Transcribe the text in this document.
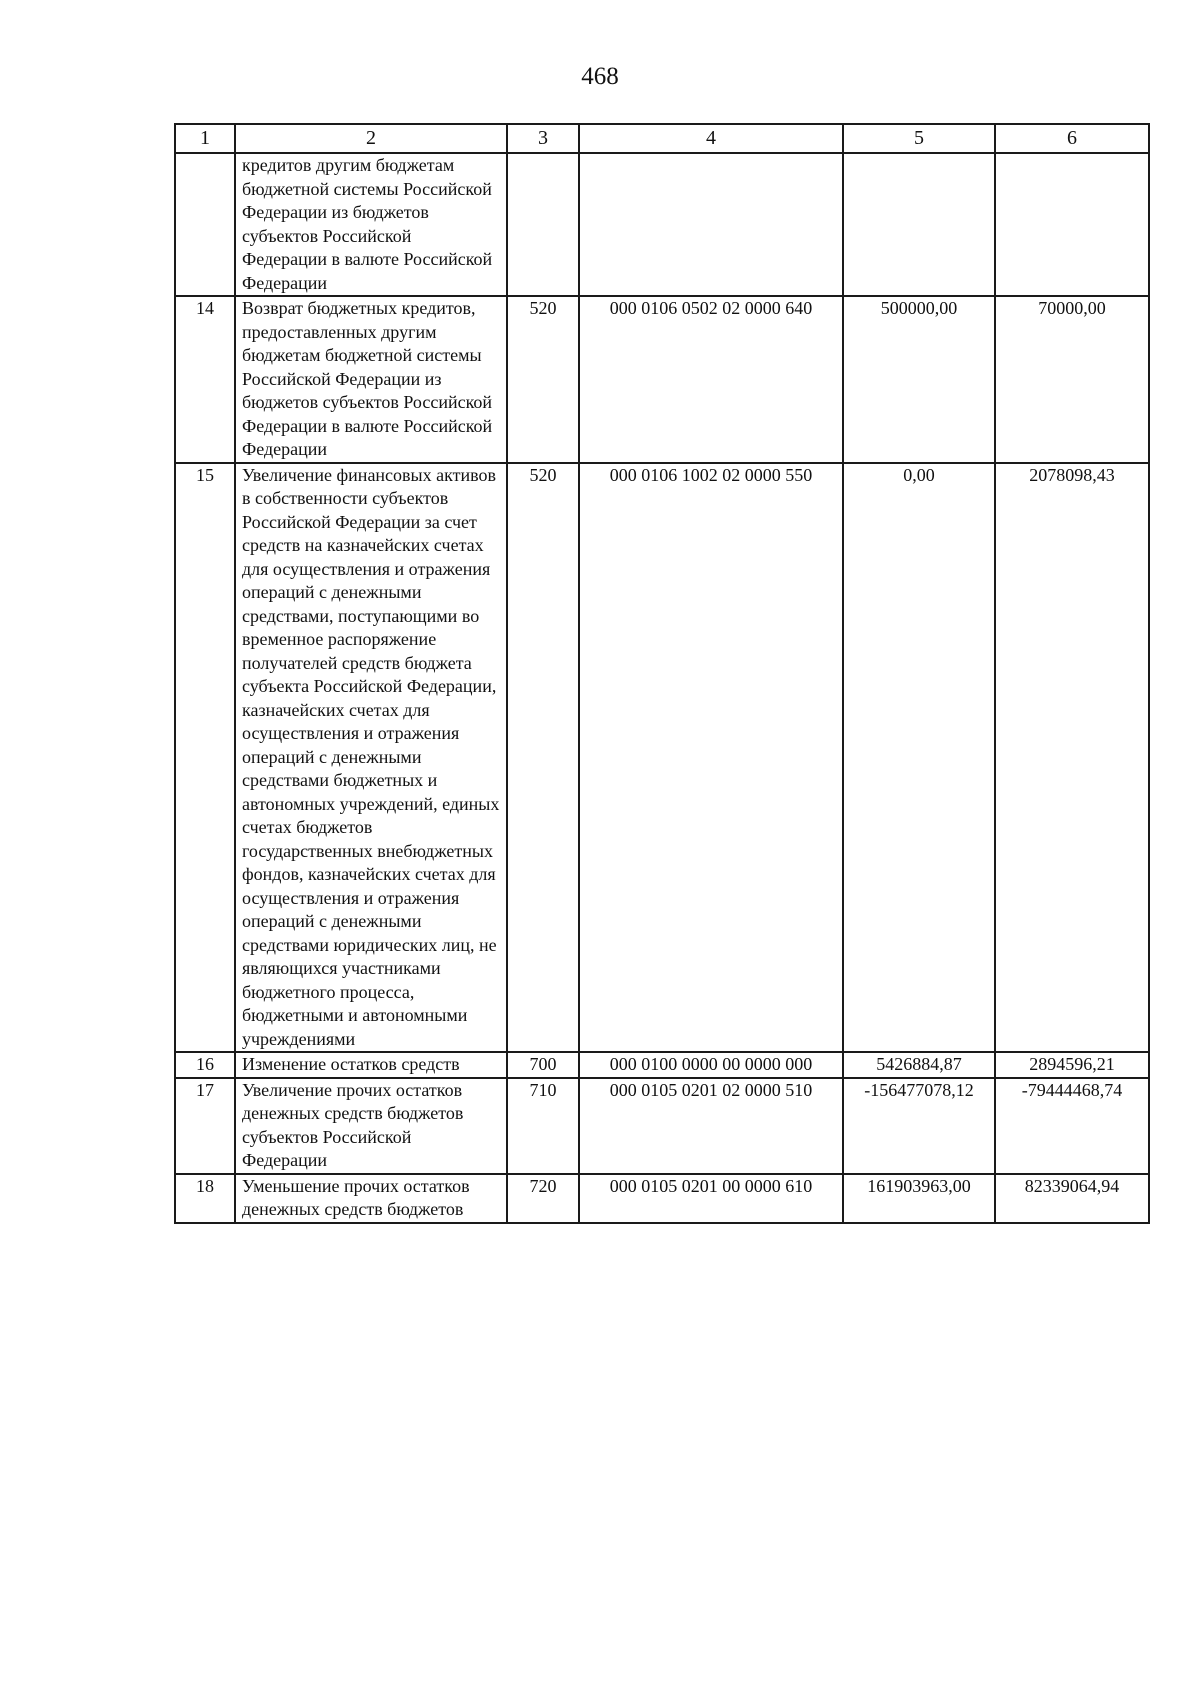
468
1	2	3	4	5	6
	кредитов другим бюджетам бюджетной системы Российской Федерации из бюджетов субъектов Российской Федерации в валюте Российской Федерации				
14	Возврат бюджетных кредитов, предоставленных другим бюджетам бюджетной системы Российской Федерации из бюджетов субъектов Российской Федерации в валюте Российской Федерации	520	000 0106 0502 02 0000 640	500000,00	70000,00
15	Увеличение финансовых активов в собственности субъектов Российской Федерации за счет средств на казначейских счетах для осуществления и отражения операций с денежными средствами, поступающими во временное распоряжение получателей средств бюджета субъекта Российской Федерации, казначейских счетах для осуществления и отражения операций с денежными средствами бюджетных и автономных учреждений, единых счетах бюджетов государственных внебюджетных фондов, казначейских счетах для осуществления и отражения операций с денежными средствами юридических лиц, не являющихся участниками бюджетного процесса, бюджетными и автономными учреждениями	520	000 0106 1002 02 0000 550	0,00	2078098,43
16	Изменение остатков средств	700	000 0100 0000 00 0000 000	5426884,87	2894596,21
17	Увеличение прочих остатков денежных средств бюджетов субъектов Российской Федерации	710	000 0105 0201 02 0000 510	-156477078,12	-79444468,74
18	Уменьшение прочих остатков денежных средств бюджетов	720	000 0105 0201 00 0000 610	161903963,00	82339064,94
